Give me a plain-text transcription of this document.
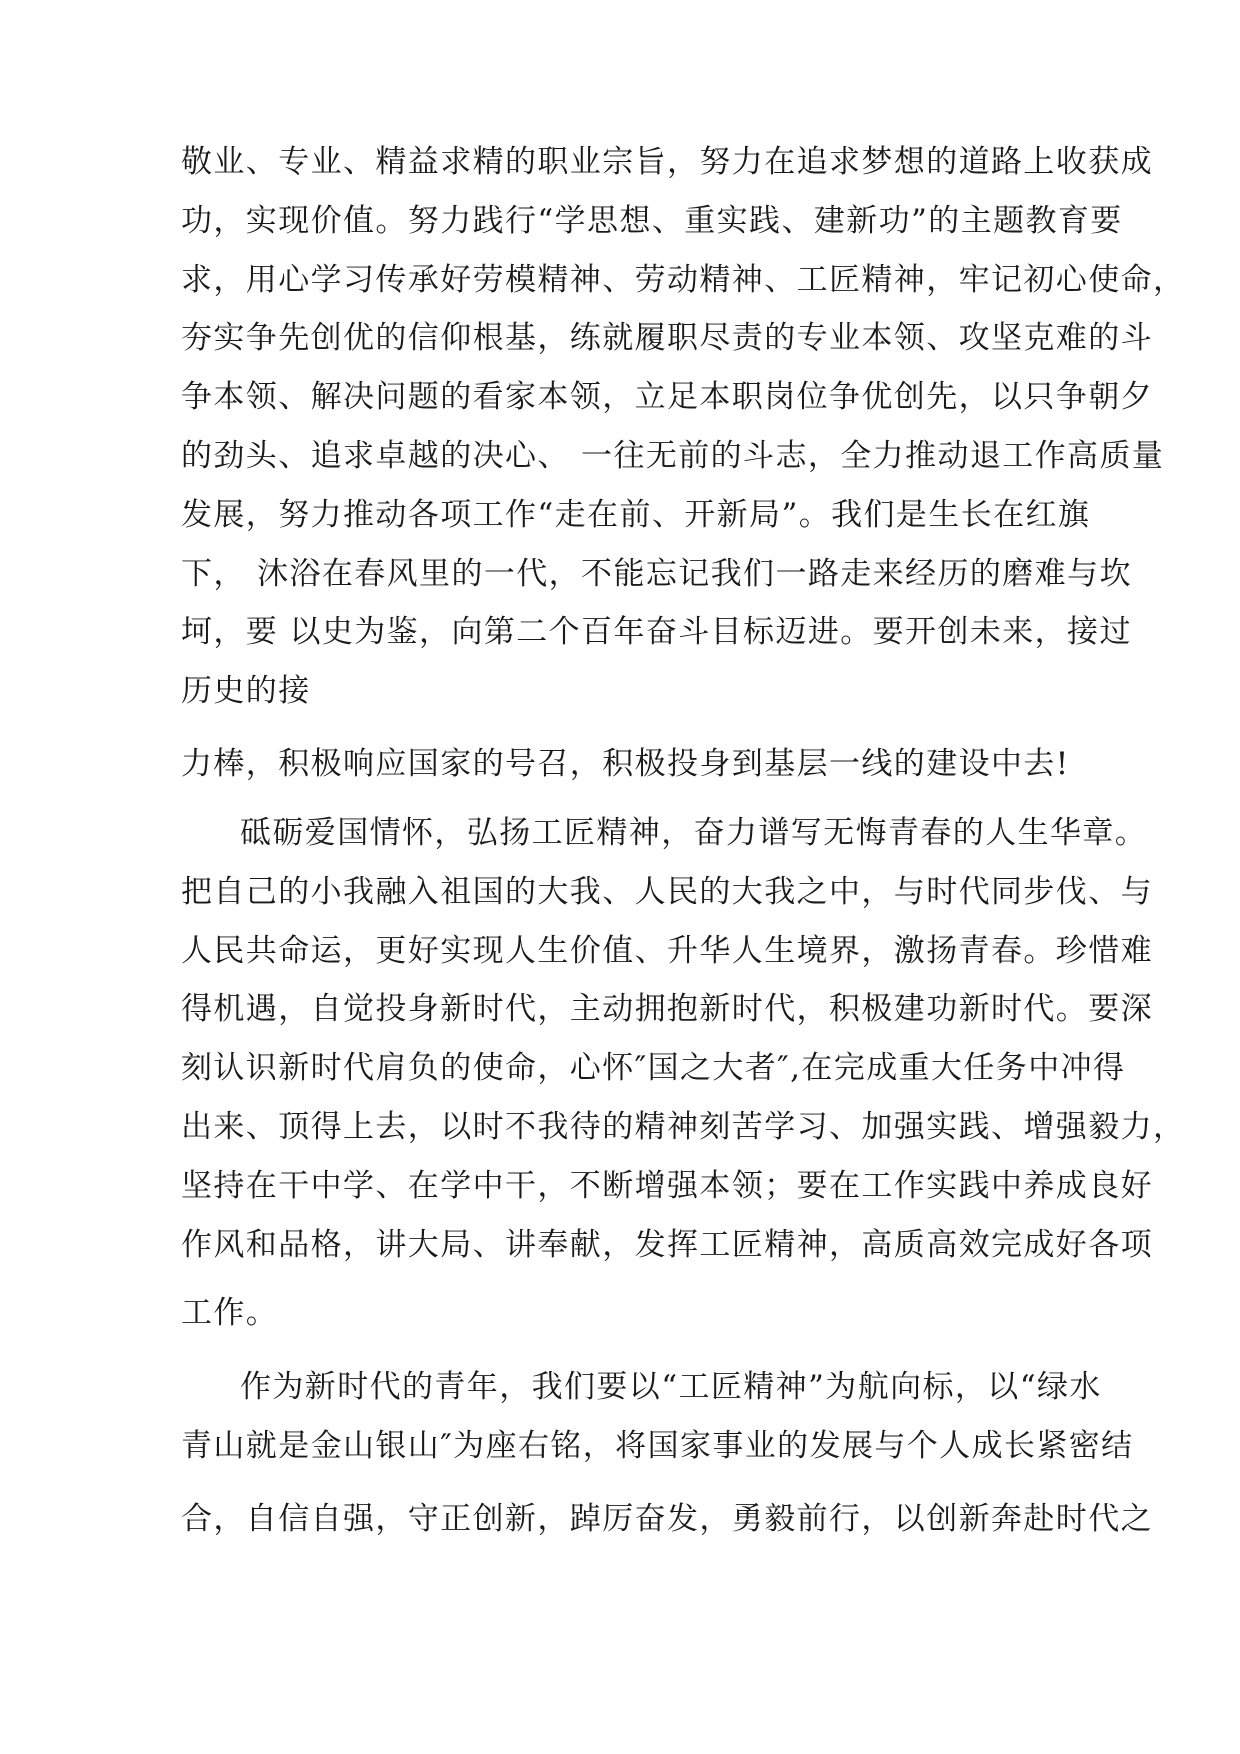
敬业、专业、精益求精的职业宗旨，努力在追求梦想的道路上收获成

功，实现价值。努力践行“学思想、重实践、建新功”的主题教育要

求，用心学习传承好劳模精神、劳动精神、工匠精神，牢记初心使命，

夯实争先创优的信仰根基，练就履职尽责的专业本领、攻坚克难的斗

争本领、解决问题的看家本领，立足本职岗位争优创先，以只争朝夕

的劲头、追求卓越的决心、 一往无前的斗志，全力推动退工作高质量

发展，努力推动各项工作“走在前、开新局”。我们是生长在红旗

下， 沐浴在春风里的一代，不能忘记我们一路走来经历的磨难与坎

坷，要 以史为鉴，向第二个百年奋斗目标迈进。要开创未来，接过

历史的接

力棒，积极响应国家的号召，积极投身到基层一线的建设中去!

砥砺爱国情怀，弘扬工匠精神，奋力谱写无悔青春的人生华章。

把自己的小我融入祖国的大我、人民的大我之中，与时代同步伐、与

人民共命运，更好实现人生价值、升华人生境界，激扬青春。珍惜难

得机遇，自觉投身新时代，主动拥抱新时代，积极建功新时代。要深

刻认识新时代肩负的使命，心怀″国之大者″,在完成重大任务中冲得

出来、顶得上去，以时不我待的精神刻苦学习、加强实践、增强毅力，

坚持在干中学、在学中干，不断增强本领；要在工作实践中养成良好

作风和品格，讲大局、讲奉献，发挥工匠精神，高质高效完成好各项

工作。

作为新时代的青年，我们要以“工匠精神”为航向标，以“绿水

青山就是金山银山″为座右铭，将国家事业的发展与个人成长紧密结

合，自信自强，守正创新，踔厉奋发，勇毅前行，以创新奔赴时代之
